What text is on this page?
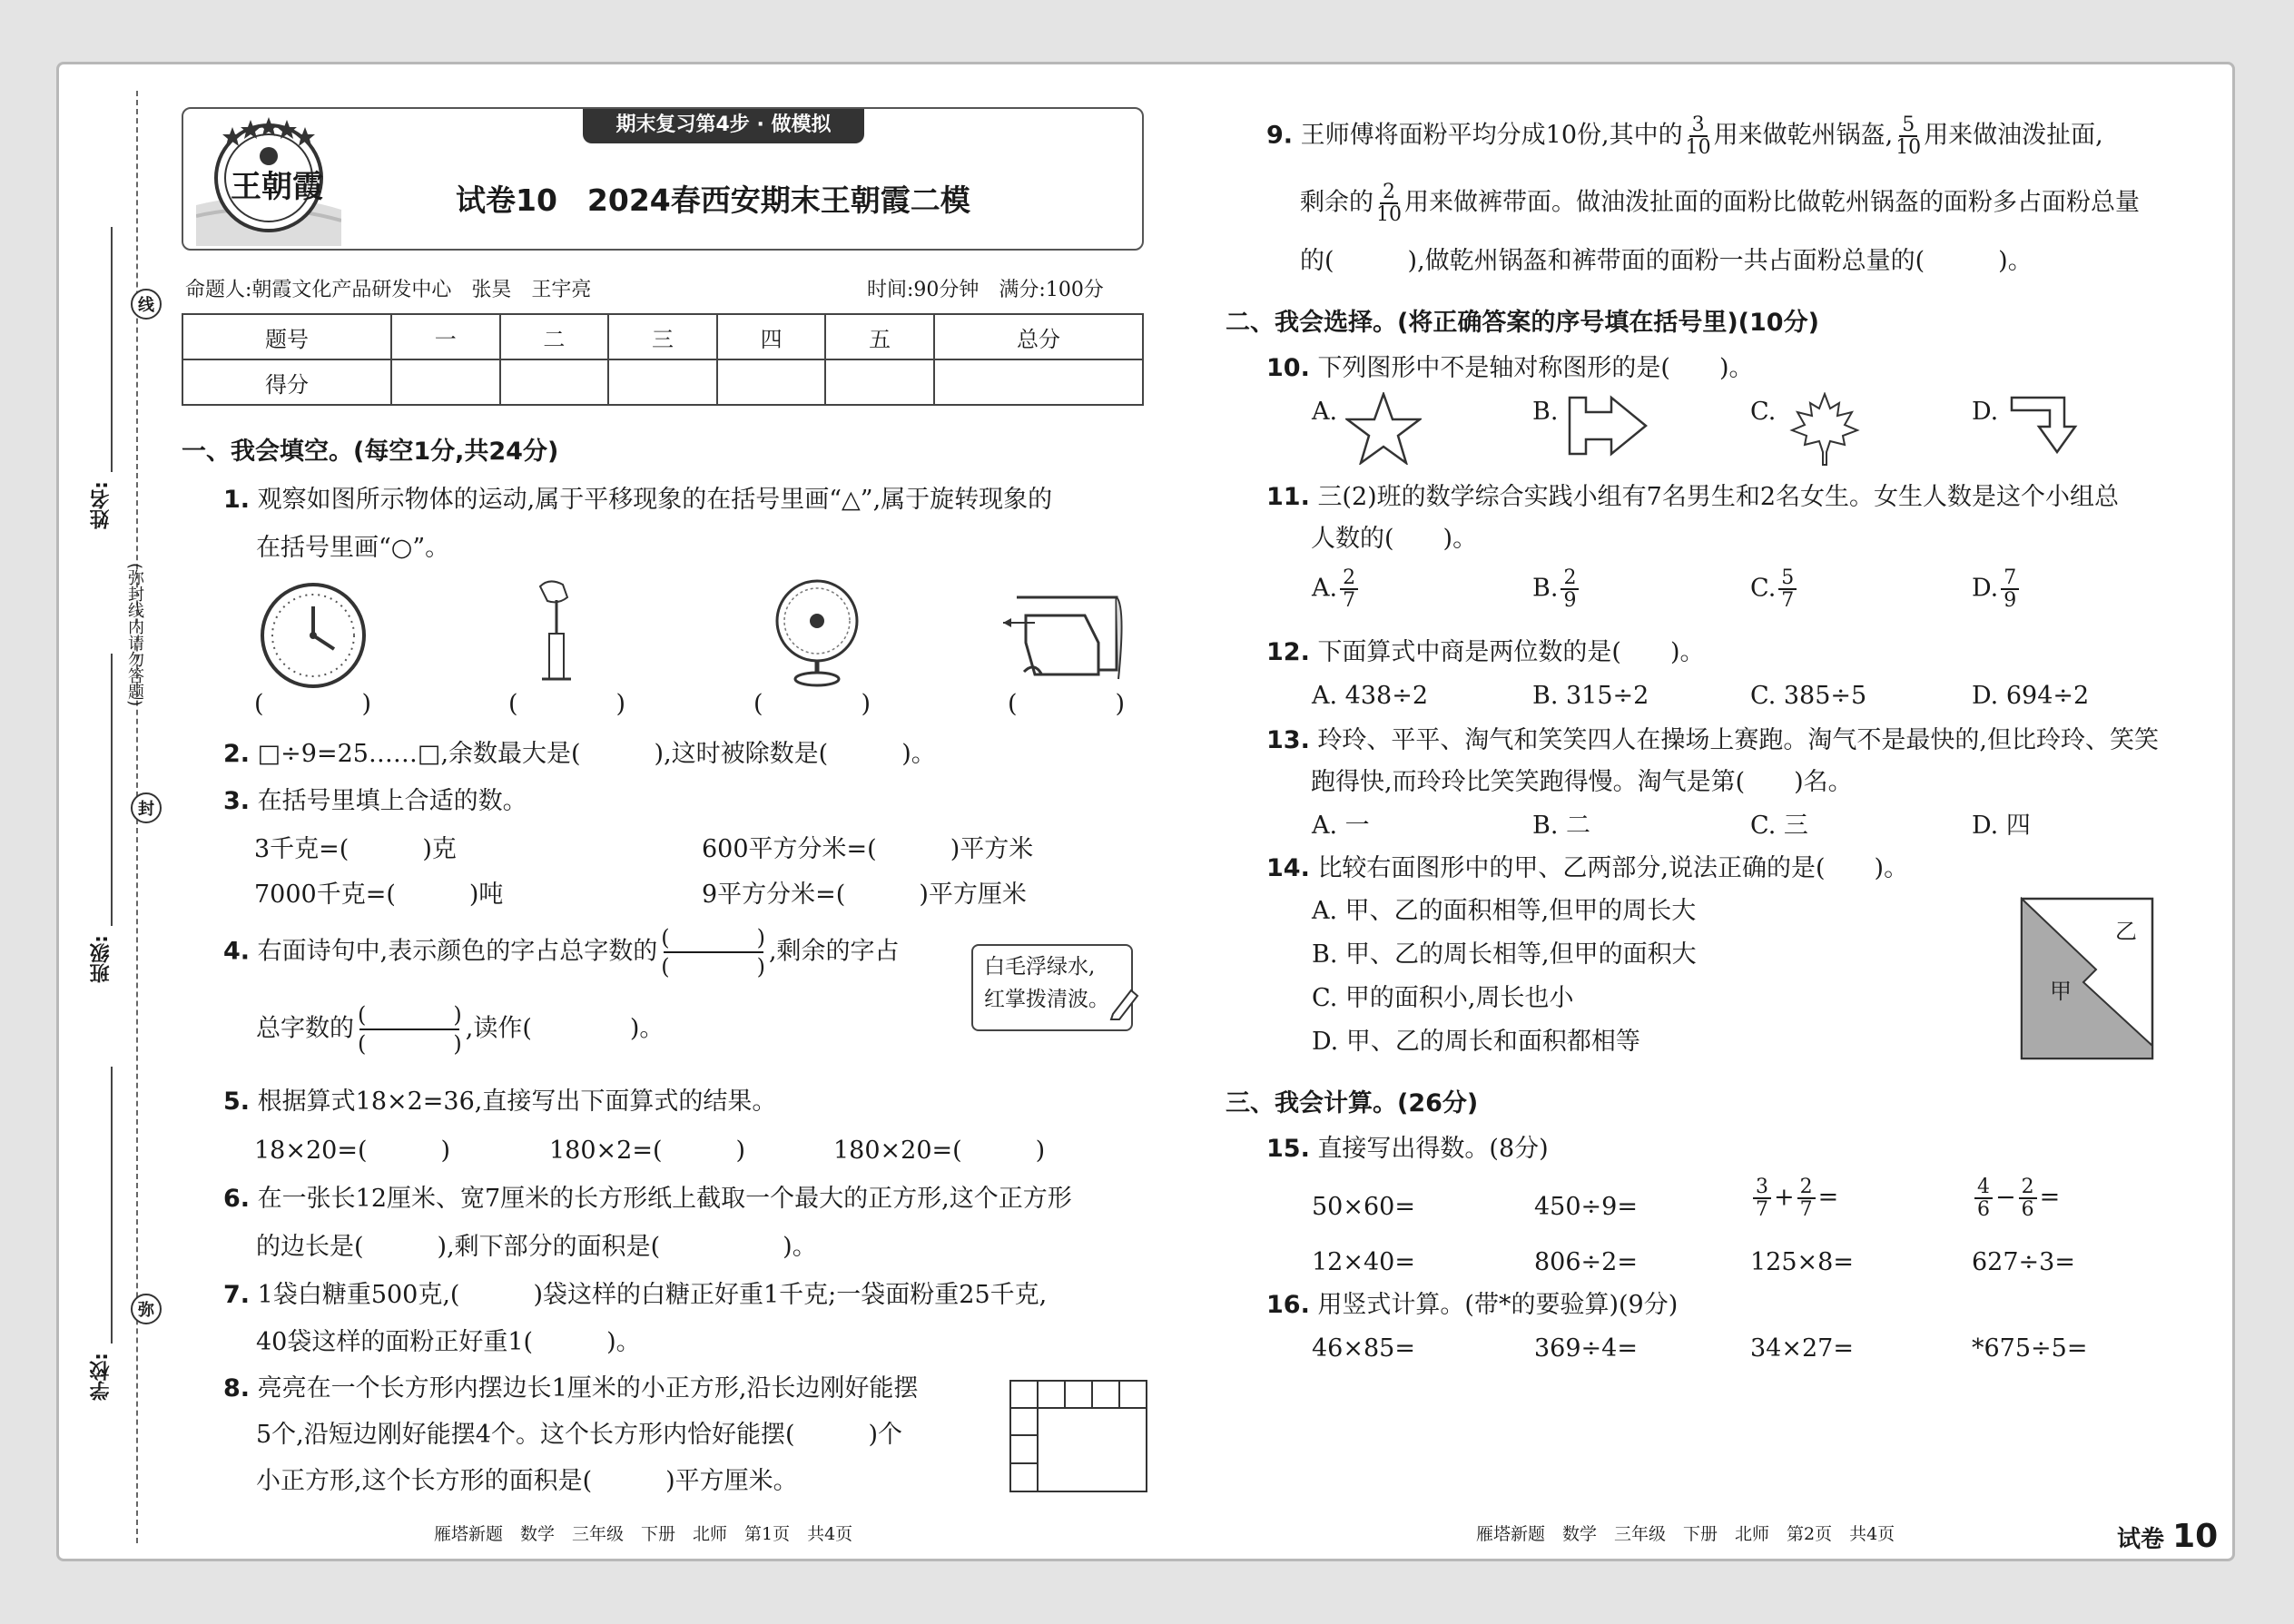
线
封
弥
(弥封线内请勿答题)
姓名:
班级:
学校:
期末复习第4步 · 做模拟
王朝霞	试卷10　2024春西安期末王朝霞二模
命题人:朝霞文化产品研发中心　张昊　王宇亮	时间:90分钟　满分:100分
题号	一	二	三	四	五	总分
得分						
一、我会填空。(每空1分,共24分)
1. 观察如图所示物体的运动,属于平移现象的在括号里画“△”,属于旋转现象的
在括号里画“○”。
(　　　　)	(　　　　)	(　　　　)	(　　　　)
2. □÷9=25……□,余数最大是(　　　),这时被除数是(　　　)。
3. 在括号里填上合适的数。
3千克=(　　　)克	600平方分米=(　　　)平方米
7000千克=(　　　)吨	9平方分米=(　　　)平方厘米
4. 右面诗句中,表示颜色的字占总字数的 (　　　　)
(　　　　)
,剩余的字占
总字数的 (　　　　)
(　　　　)
,读作(　　　　)。
白毛浮绿水,
红掌拨清波。
5. 根据算式18×2=36,直接写出下面算式的结果。
18×20=(　　　)	180×2=(　　　)	180×20=(　　　)
6. 在一张长12厘米、宽7厘米的长方形纸上截取一个最大的正方形,这个正方形
的边长是(　　　),剩下部分的面积是(　　　　　)。
7. 1袋白糖重500克,(　　　)袋这样的白糖正好重1千克;一袋面粉重25千克,
40袋这样的面粉正好重1(　　　)。
8. 亮亮在一个长方形内摆边长1厘米的小正方形,沿长边刚好能摆
5个,沿短边刚好能摆4个。这个长方形内恰好能摆(　　　)个
小正方形,这个长方形的面积是(　　　)平方厘米。
雁塔新题　数学　三年级　下册　北师　第1页　共4页
9. 王师傅将面粉平均分成10份,其中的 $\frac{3}{10}$ 用来做乾州锅盔, $\frac{5}{10}$ 用来做油泼扯面,
剩余的 $\frac{2}{10}$ 用来做裤带面。做油泼扯面的面粉比做乾州锅盔的面粉多占面粉总量
的(　　　),做乾州锅盔和裤带面的面粉一共占面粉总量的(　　　)。
二、我会选择。(将正确答案的序号填在括号里)(10分)
10. 下列图形中不是轴对称图形的是(　　)。
A.	B.	C.	D.
11. 三(2)班的数学综合实践小组有7名男生和2名女生。女生人数是这个小组总
人数的(　　)。
A. $\frac{2}{7}$	B. $\frac{2}{9}$	C. $\frac{5}{7}$	D. $\frac{7}{9}$
12. 下面算式中商是两位数的是(　　)。
A. 438÷2	B. 315÷2	C. 385÷5	D. 694÷2
13. 玲玲、平平、淘气和笑笑四人在操场上赛跑。淘气不是最快的,但比玲玲、笑笑
跑得快,而玲玲比笑笑跑得慢。淘气是第(　　)名。
A. 一	B. 二	C. 三	D. 四
14. 比较右面图形中的甲、乙两部分,说法正确的是(　　)。
A. 甲、乙的面积相等,但甲的周长大
B. 甲、乙的周长相等,但甲的面积大
C. 甲的面积小,周长也小
D. 甲、乙的周长和面积都相等
乙
甲
三、我会计算。(26分)
15. 直接写出得数。(8分)
50×60=	450÷9=	$\frac{3}{7} + \frac{2}{7}$ =	$\frac{4}{6} - \frac{2}{6}$ =
12×40=	806÷2=	125×8=	627÷3=
16. 用竖式计算。(带*的要验算)(9分)
46×85=	369÷4=	34×27=	*675÷5=
雁塔新题　数学　三年级　下册　北师　第2页　共4页	试卷 10
